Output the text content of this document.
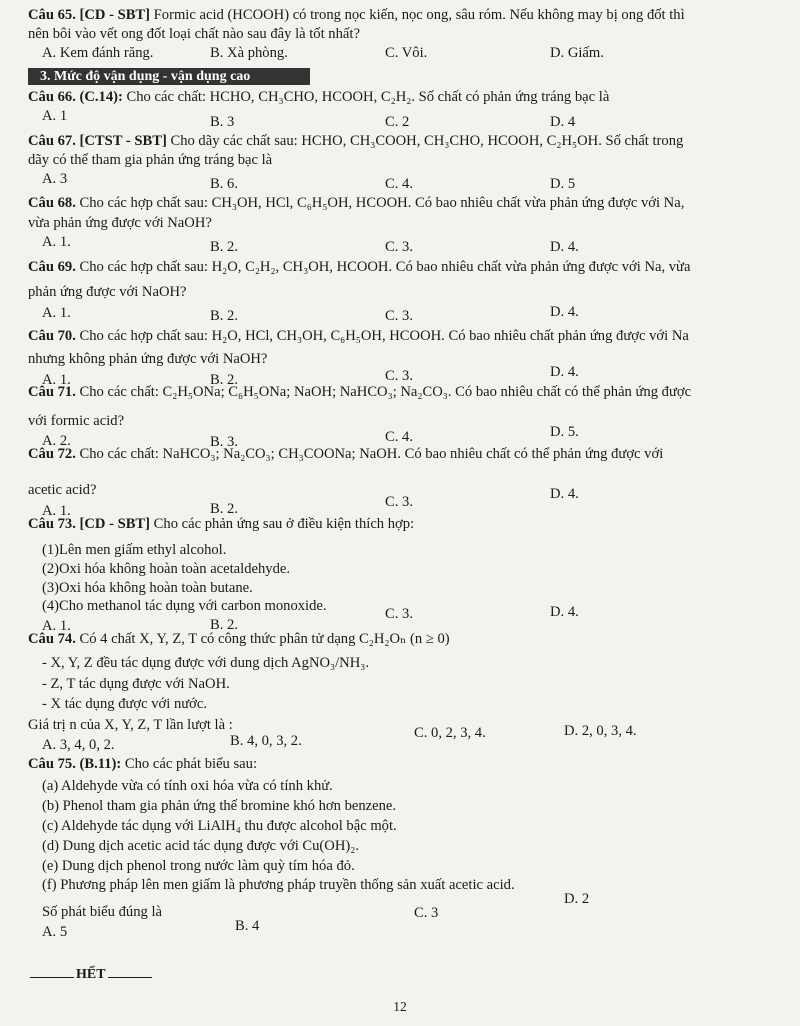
Câu 65. [CD - SBT] Formic acid (HCOOH) có trong nọc kiến, nọc ong, sâu róm. Nếu không may bị ong đốt thì
nên bôi vào vết ong đốt loại chất nào sau đây là tốt nhất?
A. Kem đánh răng.	B. Xà phòng.	C. Vôi.	D. Giấm.
3. Mức độ vận dụng - vận dụng cao
Câu 66. (C.14): Cho các chất: HCHO, CH₃CHO, HCOOH, C₂H₂. Số chất có phản ứng tráng bạc là
A. 1	B. 3	C. 2	D. 4
Câu 67. [CTST - SBT] Cho dãy các chất sau: HCHO, CH₃COOH, CH₃CHO, HCOOH, C₂H₅OH. Số chất trong
dãy có thể tham gia phản ứng tráng bạc là
A. 3	B. 6.	C. 4.	D. 5
Câu 68. Cho các hợp chất sau: CH₃OH, HCl, C₆H₅OH, HCOOH. Có bao nhiêu chất vừa phản ứng được với Na,
vừa phản ứng được với NaOH?
A. 1.	B. 2.	C. 3.	D. 4.
Câu 69. Cho các hợp chất sau: H₂O, C₂H₂, CH₃OH, HCOOH. Có bao nhiêu chất vừa phản ứng được với Na, vừa
phản ứng được với NaOH?
A. 1.	B. 2.	C. 3.	D. 4.
Câu 70. Cho các hợp chất sau: H₂O, HCl, CH₃OH, C₆H₅OH, HCOOH. Có bao nhiêu chất phản ứng được với Na
nhưng không phản ứng được với NaOH?
A. 1.	B. 2.	C. 3.	D. 4.
Câu 71. Cho các chất: C₂H₅ONa; C₆H₅ONa; NaOH; NaHCO₃; Na₂CO₃. Có bao nhiêu chất có thể phản ứng được
với formic acid?
A. 2.	B. 3.	C. 4.	D. 5.
Câu 72. Cho các chất: NaHCO₃; Na₂CO₃; CH₃COONa; NaOH. Có bao nhiêu chất có thể phản ứng được với
acetic acid?
A. 1.	B. 2.	C. 3.	D. 4.
Câu 73. [CD - SBT] Cho các phản ứng sau ở điều kiện thích hợp:
(1)Lên men giấm ethyl alcohol.
(2)Oxi hóa không hoàn toàn acetaldehyde.
(3)Oxi hóa không hoàn toàn butane.
(4)Cho methanol tác dụng với carbon monoxide.
A. 1.	B. 2.
C. 3.	D. 4.
Câu 74. Có 4 chất X, Y, Z, T có công thức phân tử dạng C₂H₂Oₙ (n ≥ 0)
- X, Y, Z đều tác dụng được với dung dịch AgNO₃/NH₃.
- Z, T tác dụng được với NaOH.
- X tác dụng được với nước.
Giá trị n của X, Y, Z, T lần lượt là :
A. 3, 4, 0, 2.	B. 4, 0, 3, 2.	C. 0, 2, 3, 4.	D. 2, 0, 3, 4.
Câu 75. (B.11): Cho các phát biểu sau:
(a) Aldehyde vừa có tính oxi hóa vừa có tính khử.
(b) Phenol tham gia phản ứng thế bromine khó hơn benzene.
(c) Aldehyde tác dụng với LiAlH₄ thu được alcohol bậc một.
(d) Dung dịch acetic acid tác dụng được với Cu(OH)₂.
(e) Dung dịch phenol trong nước làm quỳ tím hóa đỏ.
(f) Phương pháp lên men giấm là phương pháp truyền thống sản xuất acetic acid.
Số phát biểu đúng là
A. 5	B. 4
C. 3
D. 2
HẾT
12
